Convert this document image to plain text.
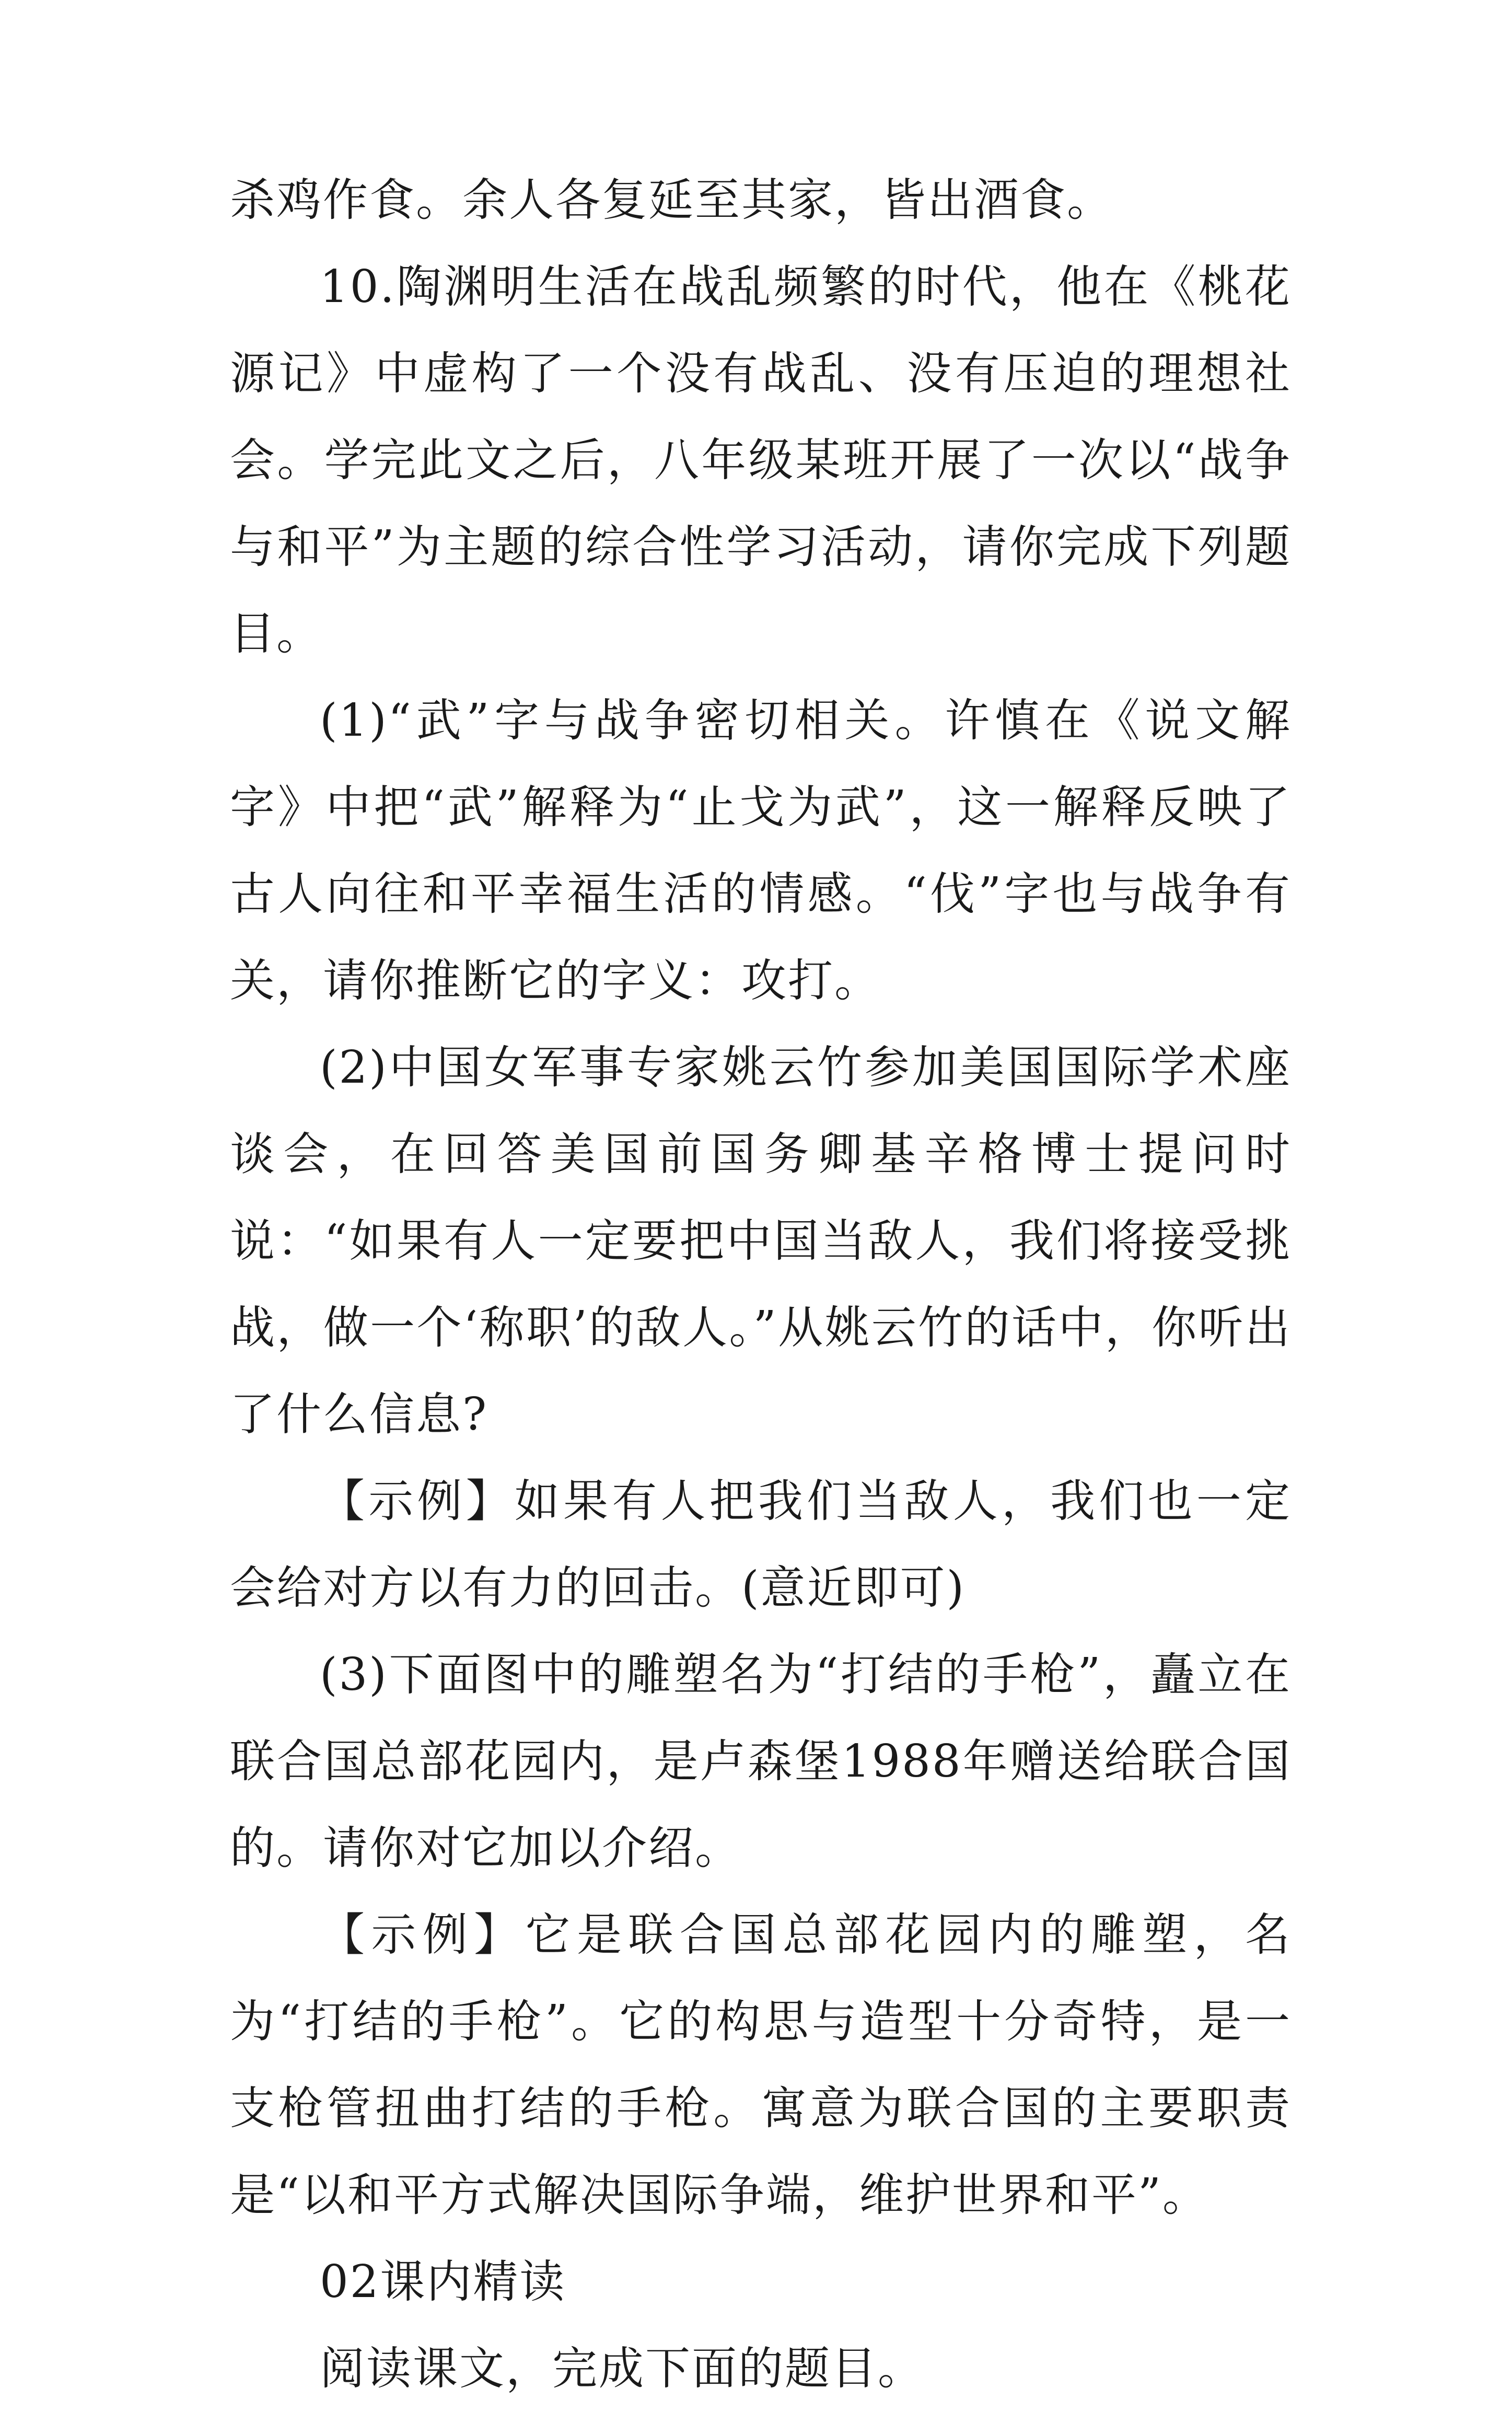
杀鸡作食。余人各复延至其家，皆出酒食。

10.陶渊明生活在战乱频繁的时代，他在《桃花源记》中虚构了一个没有战乱、没有压迫的理想社会。学完此文之后，八年级某班开展了一次以“战争与和平”为主题的综合性学习活动，请你完成下列题目。

(1)“武”字与战争密切相关。许慎在《说文解字》中把“武”解释为“止戈为武”，这一解释反映了古人向往和平幸福生活的情感。“伐”字也与战争有关，请你推断它的字义：攻打。

(2)中国女军事专家姚云竹参加美国国际学术座谈会，在回答美国前国务卿基辛格博士提问时说：“如果有人一定要把中国当敌人，我们将接受挑战，做一个‘称职’的敌人。”从姚云竹的话中，你听出了什么信息?

【示例】如果有人把我们当敌人，我们也一定会给对方以有力的回击。(意近即可)

(3)下面图中的雕塑名为“打结的手枪”，矗立在联合国总部花园内，是卢森堡1988年赠送给联合国的。请你对它加以介绍。

【示例】它是联合国总部花园内的雕塑，名为“打结的手枪”。它的构思与造型十分奇特，是一支枪管扭曲打结的手枪。寓意为联合国的主要职责是“以和平方式解决国际争端，维护世界和平”。

02课内精读

阅读课文，完成下面的题目。
